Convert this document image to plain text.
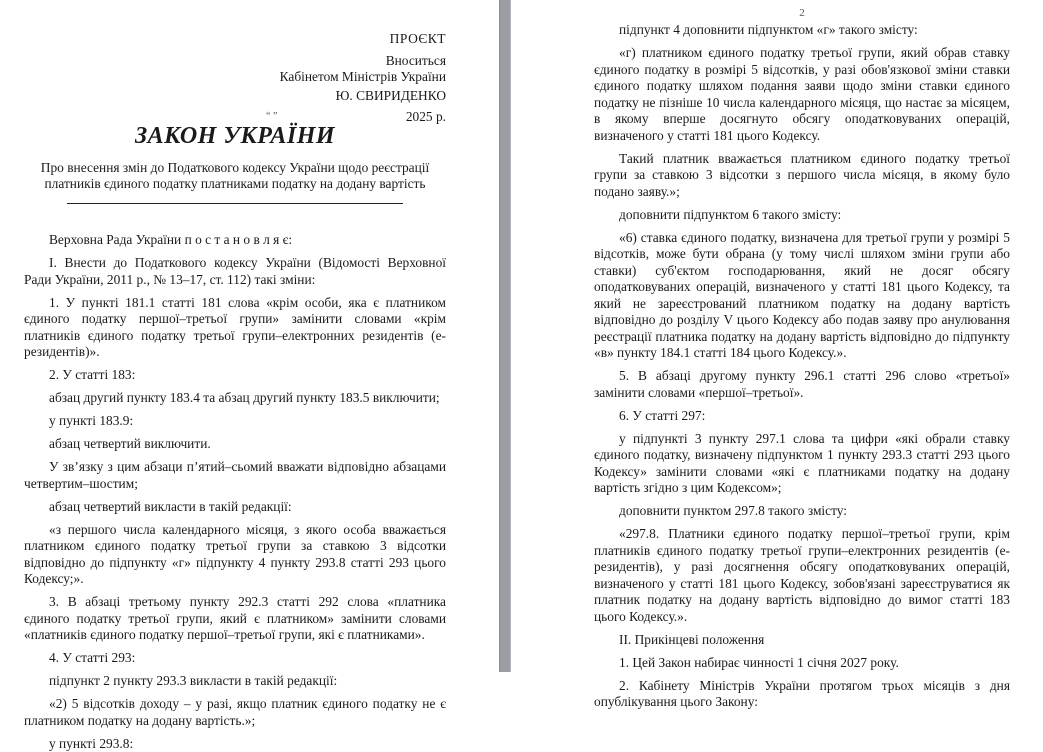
ПРОЄКТ
Вноситься
Кабінетом Міністрів України
Ю. СВИРИДЕНКО
“ ”	2025 р.
ЗАКОН УКРАЇНИ
Про внесення змін до Податкового кодексу України щодо реєстрації платників єдиного податку платниками податку на додану вартість

Верховна Рада України п о с т а н о в л я є:

І. Внести до Податкового кодексу України (Відомості Верховної Ради України, 2011 р., № 13–17, ст. 112) такі зміни:

1. У пункті 181.1 статті 181 слова «крім особи, яка є платником єдиного податку першої–третьої групи» замінити словами «крім платників єдиного податку третьої групи–електронних резидентів (е-резидентів)».

2. У статті 183:

абзац другий пункту 183.4 та абзац другий пункту 183.5 виключити;

у пункті 183.9:

абзац четвертий виключити.

У зв’язку з цим абзаци п’ятий–сьомий вважати відповідно абзацами четвертим–шостим;

абзац четвертий викласти в такій редакції:

«з першого числа календарного місяця, з якого особа вважається платником єдиного податку третьої групи за ставкою 3 відсотки відповідно до підпункту «г» підпункту 4 пункту 293.8 статті 293 цього Кодексу;».

3. В абзаці третьому пункту 292.3 статті 292 слова «платника єдиного податку третьої групи, який є платником» замінити словами «платників єдиного податку першої–третьої групи, які є платниками».

4. У статті 293:

підпункт 2 пункту 293.3 викласти в такій редакції:

«2) 5 відсотків доходу – у разі, якщо платник єдиного податку не є платником податку на додану вартість.»;

у пункті 293.8:

2

підпункт 4 доповнити підпунктом «г» такого змісту:

«г) платником єдиного податку третьої групи, який обрав ставку єдиного податку в розмірі 5 відсотків, у разі обов'язкової зміни ставки єдиного податку шляхом подання заяви щодо зміни ставки єдиного податку не пізніше 10 числа календарного місяця, що настає за місяцем, в якому вперше досягнуто обсягу оподатковуваних операцій, визначеного у статті 181 цього Кодексу.

Такий платник вважається платником єдиного податку третьої групи за ставкою 3 відсотки з першого числа місяця, в якому було подано заяву.»;

доповнити підпунктом 6 такого змісту:

«6) ставка єдиного податку, визначена для третьої групи у розмірі 5 відсотків, може бути обрана (у тому числі шляхом зміни групи або ставки) суб'єктом господарювання, який не досяг обсягу оподатковуваних операцій, визначеного у статті 181 цього Кодексу, та який не зареєстрований платником податку на додану вартість відповідно до розділу V цього Кодексу або подав заяву про анулювання реєстрації платника податку на додану вартість відповідно до підпункту «в» пункту 184.1 статті 184 цього Кодексу.».

5. В абзаці другому пункту 296.1 статті 296 слово «третьої» замінити словами «першої–третьої».

6. У статті 297:

у підпункті 3 пункту 297.1 слова та цифри «які обрали ставку єдиного податку, визначену підпунктом 1 пункту 293.3 статті 293 цього Кодексу» замінити словами «які є платниками податку на додану вартість згідно з цим Кодексом»;

доповнити пунктом 297.8 такого змісту:

«297.8. Платники єдиного податку першої–третьої групи, крім платників єдиного податку третьої групи–електронних резидентів (е-резидентів), у разі досягнення обсягу оподатковуваних операцій, визначеного у статті 181 цього Кодексу, зобов'язані зареєструватися як платник податку на додану вартість відповідно до вимог статті 183 цього Кодексу.».

ІІ. Прикінцеві положення

1. Цей Закон набирає чинності 1 січня 2027 року.

2. Кабінету Міністрів України протягом трьох місяців з дня опублікування цього Закону:
